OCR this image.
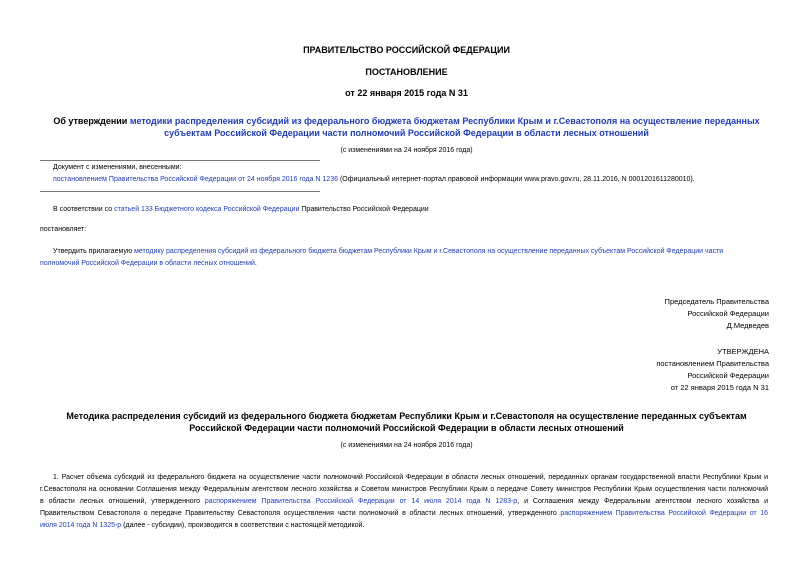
ПРАВИТЕЛЬСТВО РОССИЙСКОЙ ФЕДЕРАЦИИ
ПОСТАНОВЛЕНИЕ
от 22 января 2015 года N 31
Об утверждении методики распределения субсидий из федерального бюджета бюджетам Республики Крым и г.Севастополя на осуществление переданных
субъектам Российской Федерации части полномочий Российской Федерации в области лесных отношений
(с изменениями на 24 ноября 2016 года)
Документ с изменениями, внесенными:
постановлением Правительства Российской Федерации от 24 ноября 2016 года N 1236 (Официальный интернет-портал правовой информации www.pravo.gov.ru, 28.11.2016, N 0001201611280010).
В соответствии со статьей 133 Бюджетного кодекса Российской Федерации Правительство Российской Федерации
постановляет:
Утвердить прилагаемую методику распределения субсидий из федерального бюджета бюджетам Республики Крым и г.Севастополя на осуществление переданных субъектам Российской Федерации части
полномочий Российской Федерации в области лесных отношений.
Председатель Правительства
Российской Федерации
Д.Медведев
УТВЕРЖДЕНА
постановлением Правительства
Российской Федерации
от 22 января 2015 года N 31
Методика распределения субсидий из федерального бюджета бюджетам Республики Крым и г.Севастополя на осуществление переданных субъектам
Российской Федерации части полномочий Российской Федерации в области лесных отношений
(с изменениями на 24 ноября 2016 года)
1. Расчет объема субсидий из федерального бюджета на осуществление части полномочий Российской Федерации в области лесных отношений, переданных органам государственной власти Республики Крым и
г.Севастополя на основании Соглашения между Федеральным агентством лесного хозяйства и Советом министров Республики Крым о передаче Совету министров Республики Крым осуществления части полномочий
в области лесных отношений, утвержденного распоряжением Правительства Российской Федерации от 14 июля 2014 года N 1283-р, и Соглашения между Федеральным агентством лесного хозяйства и
Правительством Севастополя о передаче Правительству Севастополя осуществления части полномочий в области лесных отношений, утвержденного распоряжением Правительства Российской Федерации от 16
июля 2014 года N 1325-р (далее - субсидии), производится в соответствии с настоящей методикой.
